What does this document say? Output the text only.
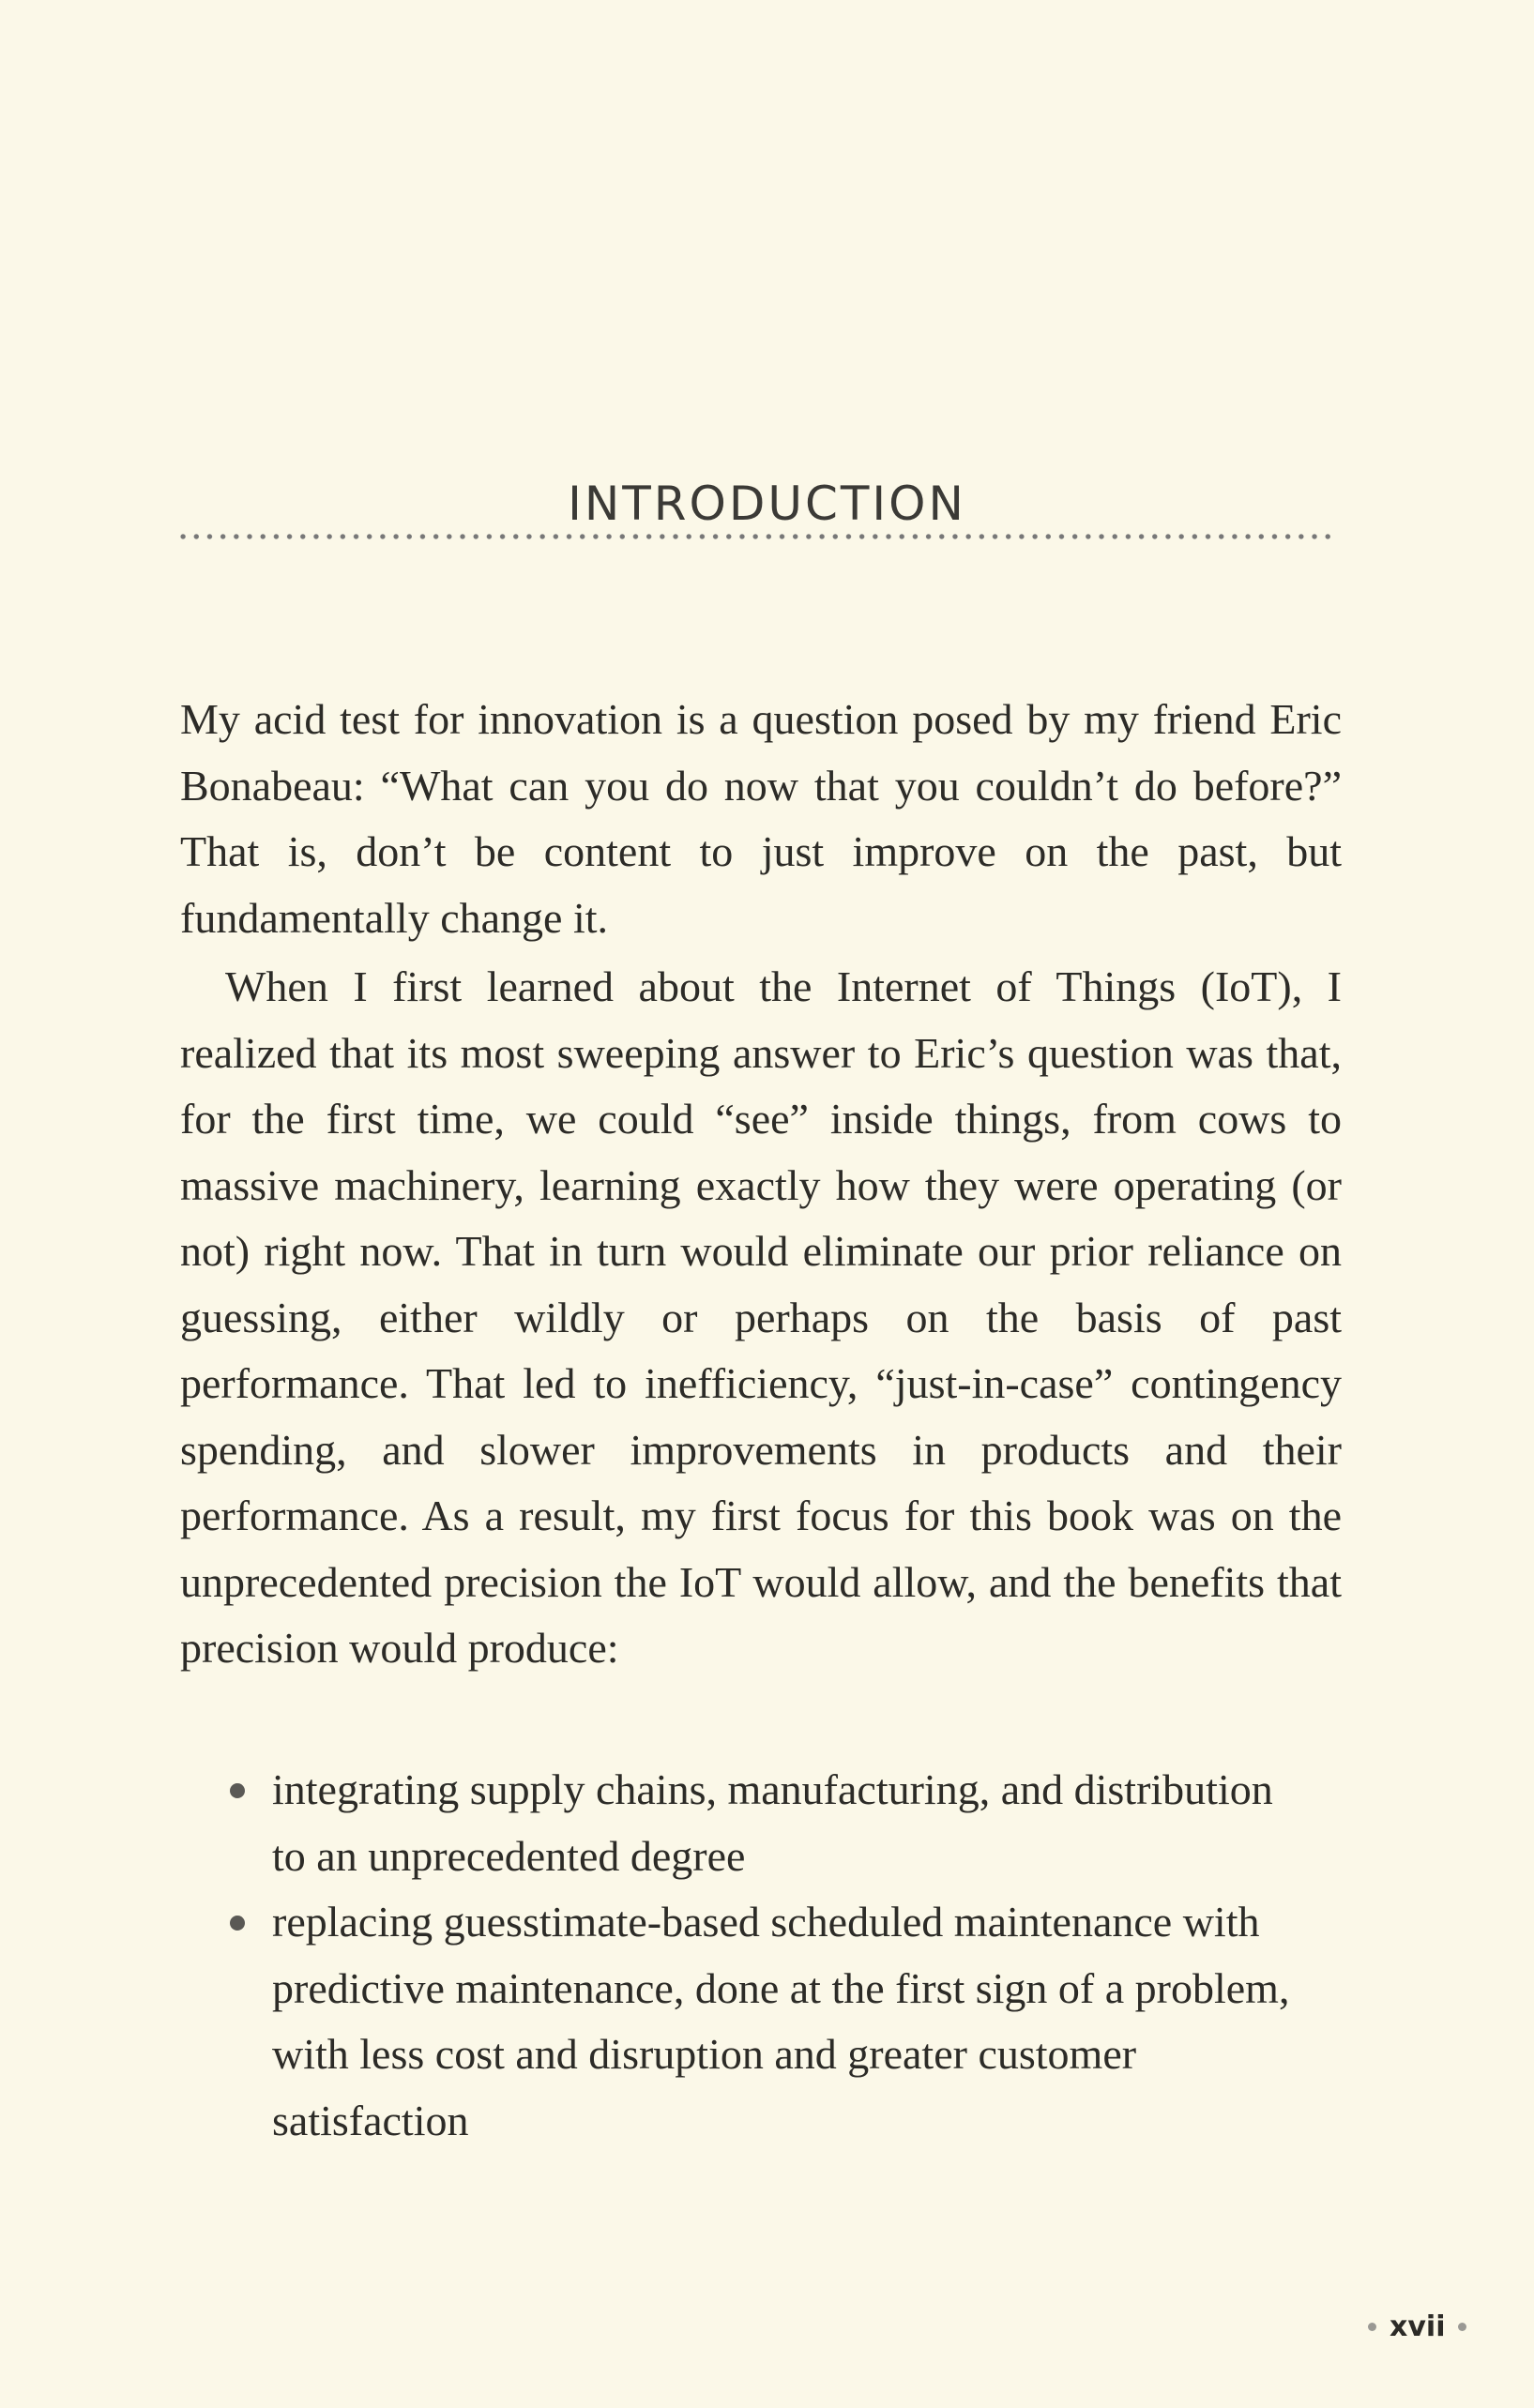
INTRODUCTION
My acid test for innovation is a question posed by my friend Eric Bonabeau: “What can you do now that you couldn’t do before?” That is, don’t be content to just improve on the past, but fundamentally change it.
When I first learned about the Internet of Things (IoT), I realized that its most sweeping answer to Eric’s question was that, for the first time, we could “see” inside things, from cows to massive machinery, learning exactly how they were operating (or not) right now. That in turn would eliminate our prior reliance on guessing, either wildly or perhaps on the basis of past performance. That led to inefficiency, “just-in-case” contingency spending, and slower improvements in products and their performance. As a result, my first focus for this book was on the unprecedented precision the IoT would allow, and the benefits that precision would produce:
integrating supply chains, manufacturing, and distribution to an unprecedented degree
replacing guesstimate-based scheduled maintenance with predictive maintenance, done at the first sign of a problem, with less cost and disruption and greater customer satisfaction
xvii
